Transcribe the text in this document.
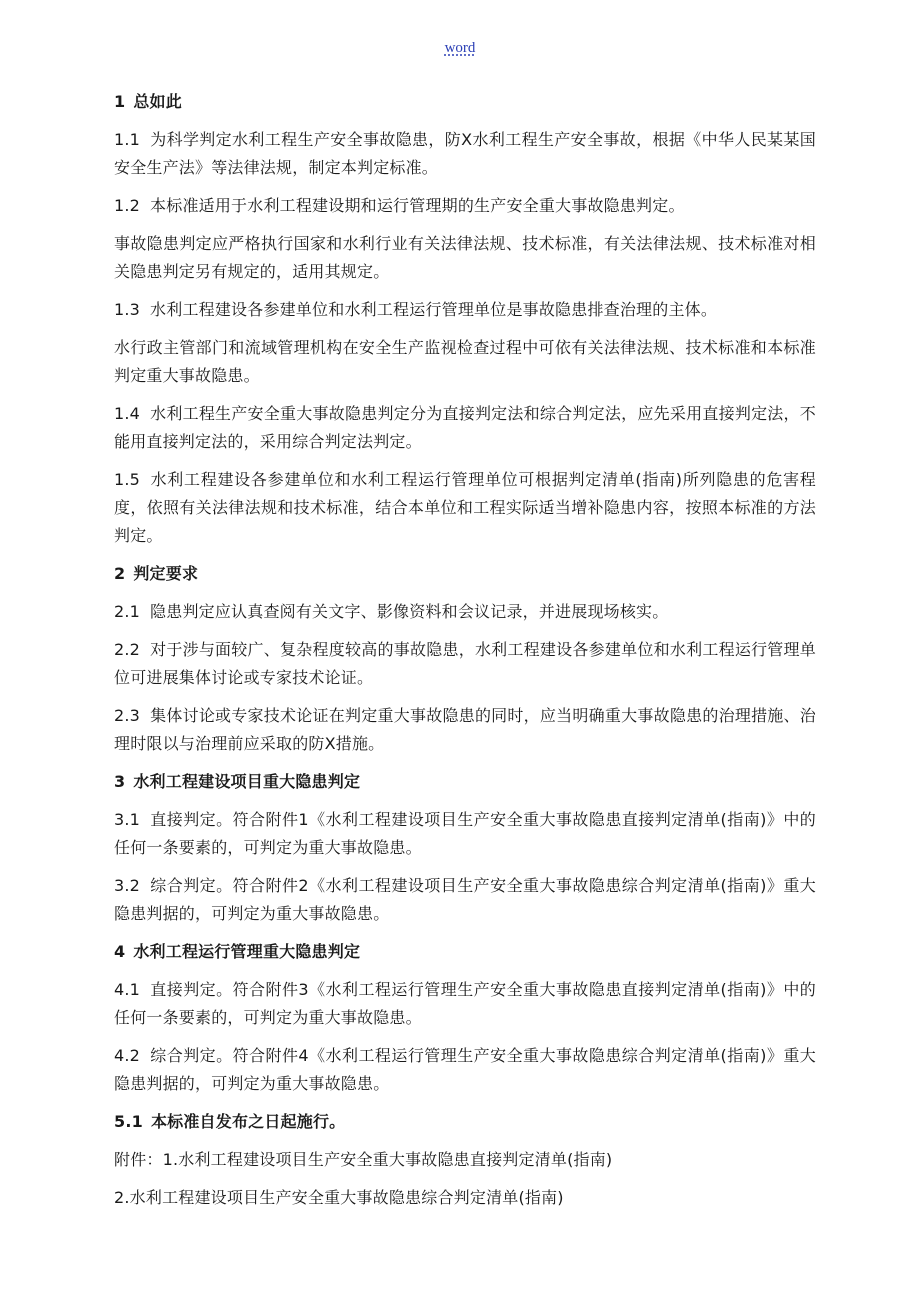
word
1 总如此
1.1 为科学判定水利工程生产安全事故隐患，防X水利工程生产安全事故，根据《中华人民某某国安全生产法》等法律法规，制定本判定标准。
1.2 本标准适用于水利工程建设期和运行管理期的生产安全重大事故隐患判定。
事故隐患判定应严格执行国家和水利行业有关法律法规、技术标准，有关法律法规、技术标准对相关隐患判定另有规定的，适用其规定。
1.3 水利工程建设各参建单位和水利工程运行管理单位是事故隐患排查治理的主体。
水行政主管部门和流域管理机构在安全生产监视检查过程中可依有关法律法规、技术标准和本标准判定重大事故隐患。
1.4 水利工程生产安全重大事故隐患判定分为直接判定法和综合判定法，应先采用直接判定法，不能用直接判定法的，采用综合判定法判定。
1.5 水利工程建设各参建单位和水利工程运行管理单位可根据判定清单(指南)所列隐患的危害程度，依照有关法律法规和技术标准，结合本单位和工程实际适当增补隐患内容，按照本标准的方法判定。
2 判定要求
2.1 隐患判定应认真查阅有关文字、影像资料和会议记录，并进展现场核实。
2.2 对于涉与面较广、复杂程度较高的事故隐患，水利工程建设各参建单位和水利工程运行管理单位可进展集体讨论或专家技术论证。
2.3 集体讨论或专家技术论证在判定重大事故隐患的同时，应当明确重大事故隐患的治理措施、治理时限以与治理前应采取的防X措施。
3 水利工程建设项目重大隐患判定
3.1 直接判定。符合附件1《水利工程建设项目生产安全重大事故隐患直接判定清单(指南)》中的任何一条要素的，可判定为重大事故隐患。
3.2 综合判定。符合附件2《水利工程建设项目生产安全重大事故隐患综合判定清单(指南)》重大隐患判据的，可判定为重大事故隐患。
4 水利工程运行管理重大隐患判定
4.1 直接判定。符合附件3《水利工程运行管理生产安全重大事故隐患直接判定清单(指南)》中的任何一条要素的，可判定为重大事故隐患。
4.2 综合判定。符合附件4《水利工程运行管理生产安全重大事故隐患综合判定清单(指南)》重大隐患判据的，可判定为重大事故隐患。
5.1 本标准自发布之日起施行。
附件：1.水利工程建设项目生产安全重大事故隐患直接判定清单(指南)
2.水利工程建设项目生产安全重大事故隐患综合判定清单(指南)
